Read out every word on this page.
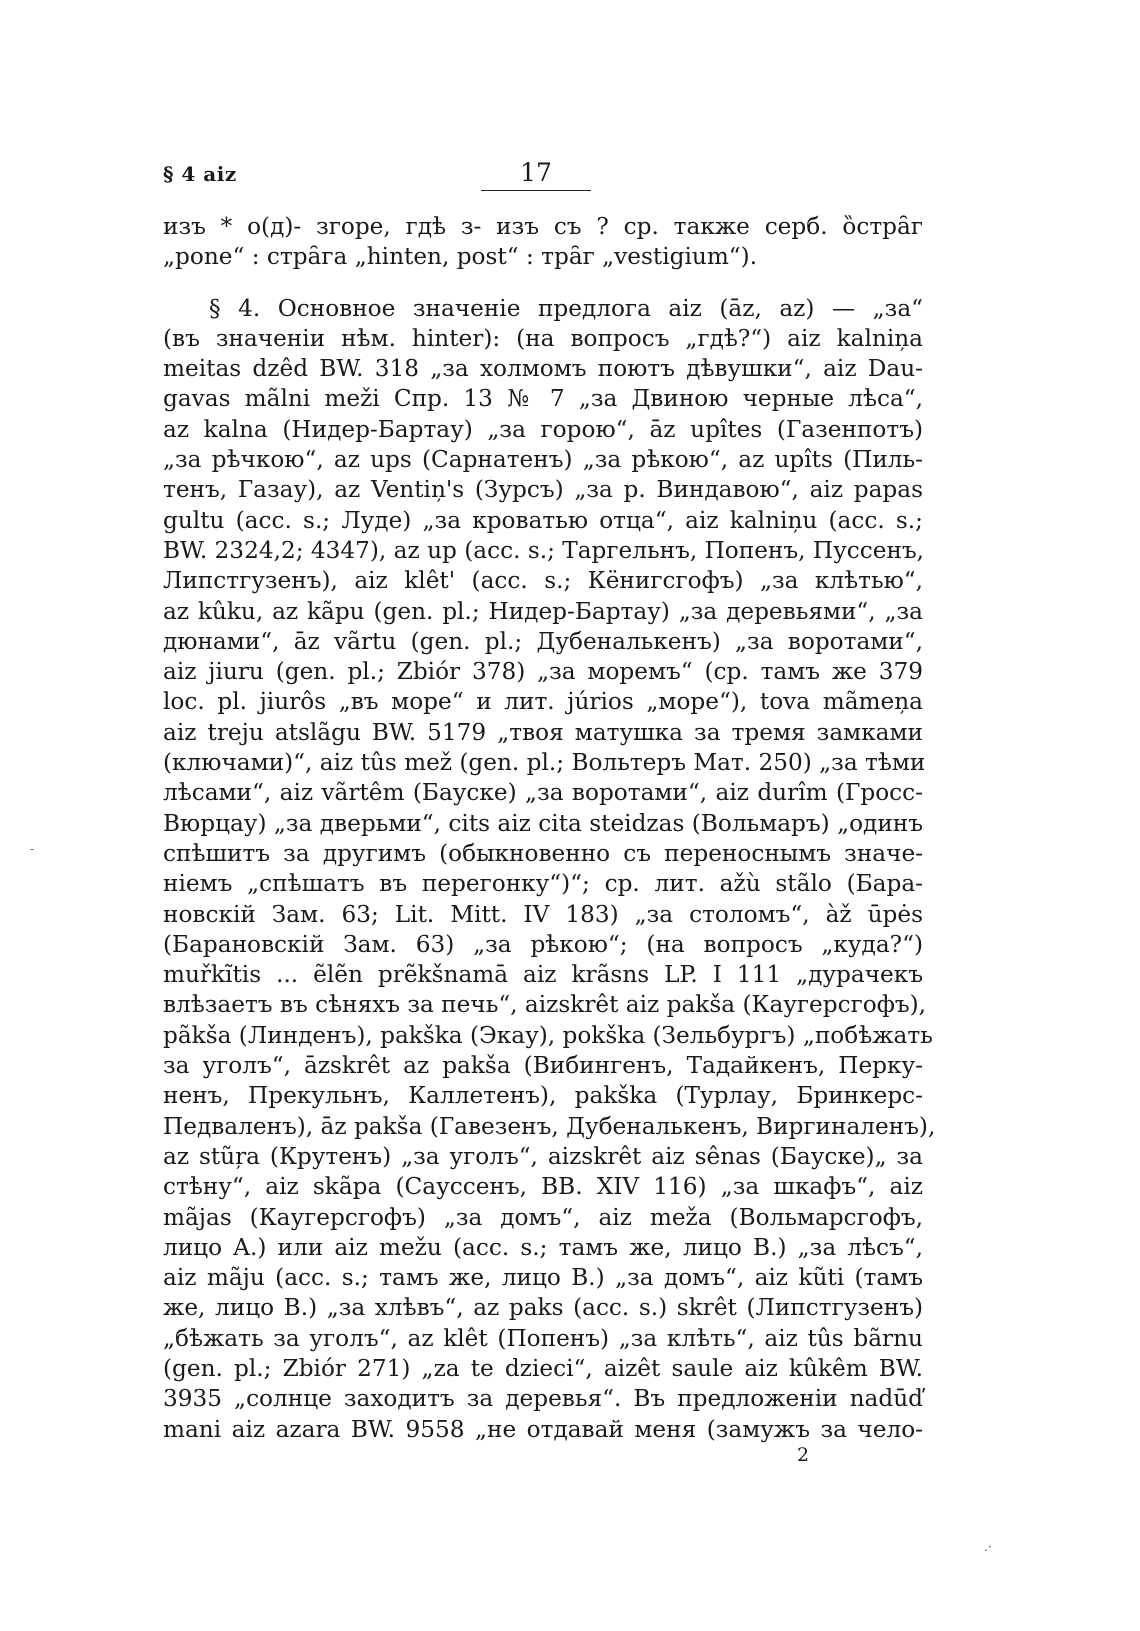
§ 4 aiz	17

изъ * о(д)- згоре, гдѣ з- изъ съ ? ср. также серб. о̏стра̑г
„pone“ : стра̑га „hinten, post“ : тра̑г „vestigium“).

§ 4. Основное значеніе предлога aiz (āz, az) — „за“
(въ значеніи нѣм. hinter): (на вопросъ „гдѣ?“) aiz kalniņa
meitas dzêd BW. 318 „за холмомъ поютъ дѣвушки“, aiz Dau-
gavas mãlni meži Спр. 13 № 7 „за Двиною черные лѣса“,
az kalna (Нидер-Бартау) „за горою“, āz upîtes (Газенпотъ)
„за рѣчкою“, az ups (Сарнатенъ) „за рѣкою“, az upîts (Пиль-
тенъ, Газау), az Ventiņ's (Зурсъ) „за р. Виндавою“, aiz papas
gultu (acc. s.; Луде) „за кроватью отца“, aiz kalniņu (acc. s.;
BW. 2324,2; 4347), az up (acc. s.; Таргельнъ, Попенъ, Пуссенъ,
Липстгузенъ), aiz klêt' (acc. s.; Кёнигсгофъ) „за клѣтью“,
az kûku, az kãpu (gen. pl.; Нидер-Бартау) „за деревьями“, „за
дюнами“, āz vãrtu (gen. pl.; Дубеналькенъ) „за воротами“,
aiz jiuru (gen. pl.; Zbiór 378) „за моремъ“ (ср. тамъ же 379
loc. pl. jiurôs „въ море“ и лит. júrios „море“), tova mãmeņa
aiz treju atslãgu BW. 5179 „твоя матушка за тремя замками
(ключами)“, aiz tûs mež (gen. pl.; Вольтеръ Мат. 250) „за тѣми
лѣсами“, aiz vãrtêm (Бауске) „за воротами“, aiz durîm (Гросс-
Вюрцау) „за дверьми“, cits aiz cita steidzas (Вольмаръ) „одинъ
спѣшитъ за другимъ (обыкновенно съ переноснымъ значе-
ніемъ „спѣшатъ въ перегонку“)“; ср. лит. ažù stãlo (Бара-
новскій Зам. 63; Lit. Mitt. IV 183) „за столомъ“, àž ūpės
(Барановскій Зам. 63) „за рѣкою“; (на вопросъ „куда?“)
muřkĩtis ... ẽlẽn prẽkšnamā aiz krãsns LP. I 111 „дурачекъ
влѣзаетъ въ сѣняхъ за печь“, aizskrêt aiz pakša (Каугерсгофъ),
pãkša (Линденъ), pakška (Экау), pokška (Зельбургъ) „побѣжать
за уголъ“, āzskrêt az pakša (Вибингенъ, Тадайкенъ, Перку-
ненъ, Прекульнъ, Каллетенъ), pakška (Турлау, Бринкерс-
Педваленъ), āz pakša (Гавезенъ, Дубеналькенъ, Виргиналенъ),
az stũŗa (Крутенъ) „за уголъ“, aizskrêt aiz sênas (Бауске)„ за
стѣну“, aiz skãpa (Сауссенъ, BB. XIV 116) „за шкафъ“, aiz
mãjas (Каугерсгофъ) „за домъ“, aiz meža (Вольмарсгофъ,
лицо A.) или aiz mežu (acc. s.; тамъ же, лицо B.) „за лѣсъ“,
aiz mãju (acc. s.; тамъ же, лицо B.) „за домъ“, aiz kũti (тамъ
же, лицо B.) „за хлѣвъ“, az paks (acc. s.) skrêt (Липстгузенъ)
„бѣжать за уголъ“, az klêt (Попенъ) „за клѣть“, aiz tûs bãrnu
(gen. pl.; Zbiór 271) „za te dzieci“, aizêt saule aiz kûkêm BW.
3935 „солнце заходитъ за деревья“. Въ предложеніи nadūď
mani aiz azara BW. 9558 „не отдавай меня (замужъ за чело-

2
-
.·
